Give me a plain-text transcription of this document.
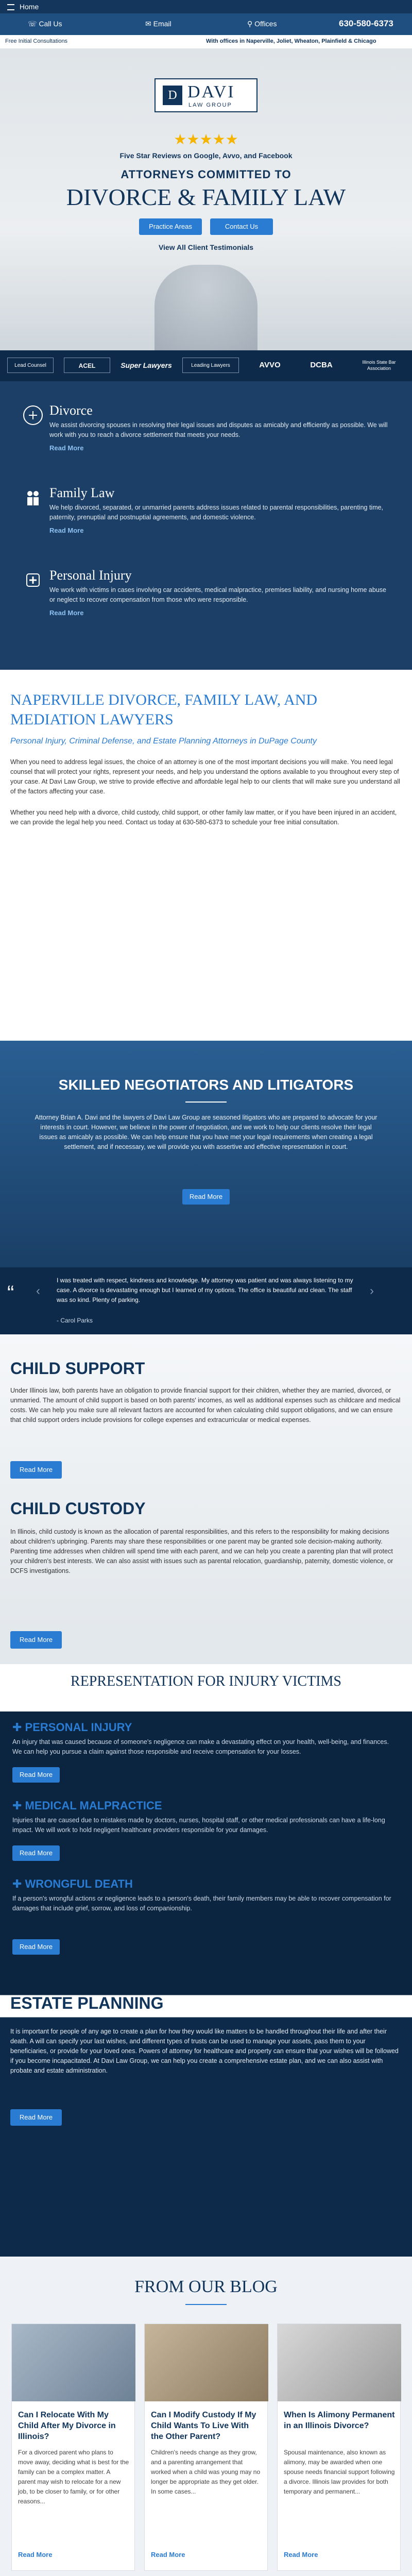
Home
☏ Call Us	✉ Email	⚲ Offices	630-580-6373
Free Initial Consultations	With offices in Naperville, Joliet, Wheaton, Plainfield & Chicago
D DAVI
LAW GROUP
★★★★★
Five Star Reviews on Google, Avvo, and Facebook
ATTORNEYS COMMITTED TO
DIVORCE & FAMILY LAW
Practice Areas	Contact Us
View All Client Testimonials
Lead Counsel	ACEL	Super Lawyers	Leading Lawyers	AVVO	DCBA	Illinois State Bar Association
Divorce
We assist divorcing spouses in resolving their legal issues and disputes as amicably and efficiently as possible. We will work with you to reach a divorce settlement that meets your needs.
Read More
Family Law
We help divorced, separated, or unmarried parents address issues related to parental responsibilities, parenting time, paternity, prenuptial and postnuptial agreements, and domestic violence.
Read More
Personal Injury
We work with victims in cases involving car accidents, medical malpractice, premises liability, and nursing home abuse or neglect to recover compensation from those who were responsible.
Read More
NAPERVILLE DIVORCE, FAMILY LAW, AND MEDIATION LAWYERS
Personal Injury, Criminal Defense, and Estate Planning Attorneys in DuPage County
When you need to address legal issues, the choice of an attorney is one of the most important decisions you will make. You need legal counsel that will protect your rights, represent your needs, and help you understand the options available to you throughout every step of your case. At Davi Law Group, we strive to provide effective and affordable legal help to our clients that will make sure you understand all of the factors affecting your case.
Whether you need help with a divorce, child custody, child support, or other family law matter, or if you have been injured in an accident, we can provide the legal help you need. Contact us today at 630-580-6373 to schedule your free initial consultation.
SKILLED NEGOTIATORS AND LITIGATORS
Attorney Brian A. Davi and the lawyers of Davi Law Group are seasoned litigators who are prepared to advocate for your interests in court. However, we believe in the power of negotiation, and we work to help our clients resolve their legal issues as amicably as possible. We can help ensure that you have met your legal requirements when creating a legal settlement, and if necessary, we will provide you with assertive and effective representation in court.
Read More
“ ‹
I was treated with respect, kindness and knowledge. My attorney was patient and was always listening to my case. A divorce is devastating enough but I learned of my options. The office is beautiful and clean. The staff was so kind. Plenty of parking.
- Carol Parks
›
CHILD SUPPORT
Under Illinois law, both parents have an obligation to provide financial support for their children, whether they are married, divorced, or unmarried. The amount of child support is based on both parents' incomes, as well as additional expenses such as childcare and medical costs. We can help you make sure all relevant factors are accounted for when calculating child support obligations, and we can ensure that child support orders include provisions for college expenses and extracurricular or medical expenses.
Read More
CHILD CUSTODY
In Illinois, child custody is known as the allocation of parental responsibilities, and this refers to the responsibility for making decisions about children's upbringing. Parents may share these responsibilities or one parent may be granted sole decision-making authority. Parenting time addresses when children will spend time with each parent, and we can help you create a parenting plan that will protect your children's best interests. We can also assist with issues such as parental relocation, guardianship, paternity, domestic violence, or DCFS investigations.
Read More
REPRESENTATION FOR INJURY VICTIMS
✚ PERSONAL INJURY
An injury that was caused because of someone's negligence can make a devastating effect on your health, well-being, and finances. We can help you pursue a claim against those responsible and receive compensation for your losses.
Read More
✚ MEDICAL MALPRACTICE
Injuries that are caused due to mistakes made by doctors, nurses, hospital staff, or other medical professionals can have a life-long impact. We will work to hold negligent healthcare providers responsible for your damages.
Read More
✚ WRONGFUL DEATH
If a person's wrongful actions or negligence leads to a person's death, their family members may be able to recover compensation for damages that include grief, sorrow, and loss of companionship.
Read More
ESTATE PLANNING
It is important for people of any age to create a plan for how they would like matters to be handled throughout their life and after their death. A will can specify your last wishes, and different types of trusts can be used to manage your assets, pass them to your beneficiaries, or provide for your loved ones. Powers of attorney for healthcare and property can ensure that your wishes will be followed if you become incapacitated. At Davi Law Group, we can help you create a comprehensive estate plan, and we can also assist with probate and estate administration.
Read More
FROM OUR BLOG
Can I Relocate With My Child After My Divorce in Illinois?
For a divorced parent who plans to move away, deciding what is best for the family can be a complex matter. A parent may wish to relocate for a new job, to be closer to family, or for other reasons...
Read More
Can I Modify Custody If My Child Wants To Live With the Other Parent?
Children's needs change as they grow, and a parenting arrangement that worked when a child was young may no longer be appropriate as they get older. In some cases...
Read More
When Is Alimony Permanent in an Illinois Divorce?
Spousal maintenance, also known as alimony, may be awarded when one spouse needs financial support following a divorce. Illinois law provides for both temporary and permanent...
Read More
